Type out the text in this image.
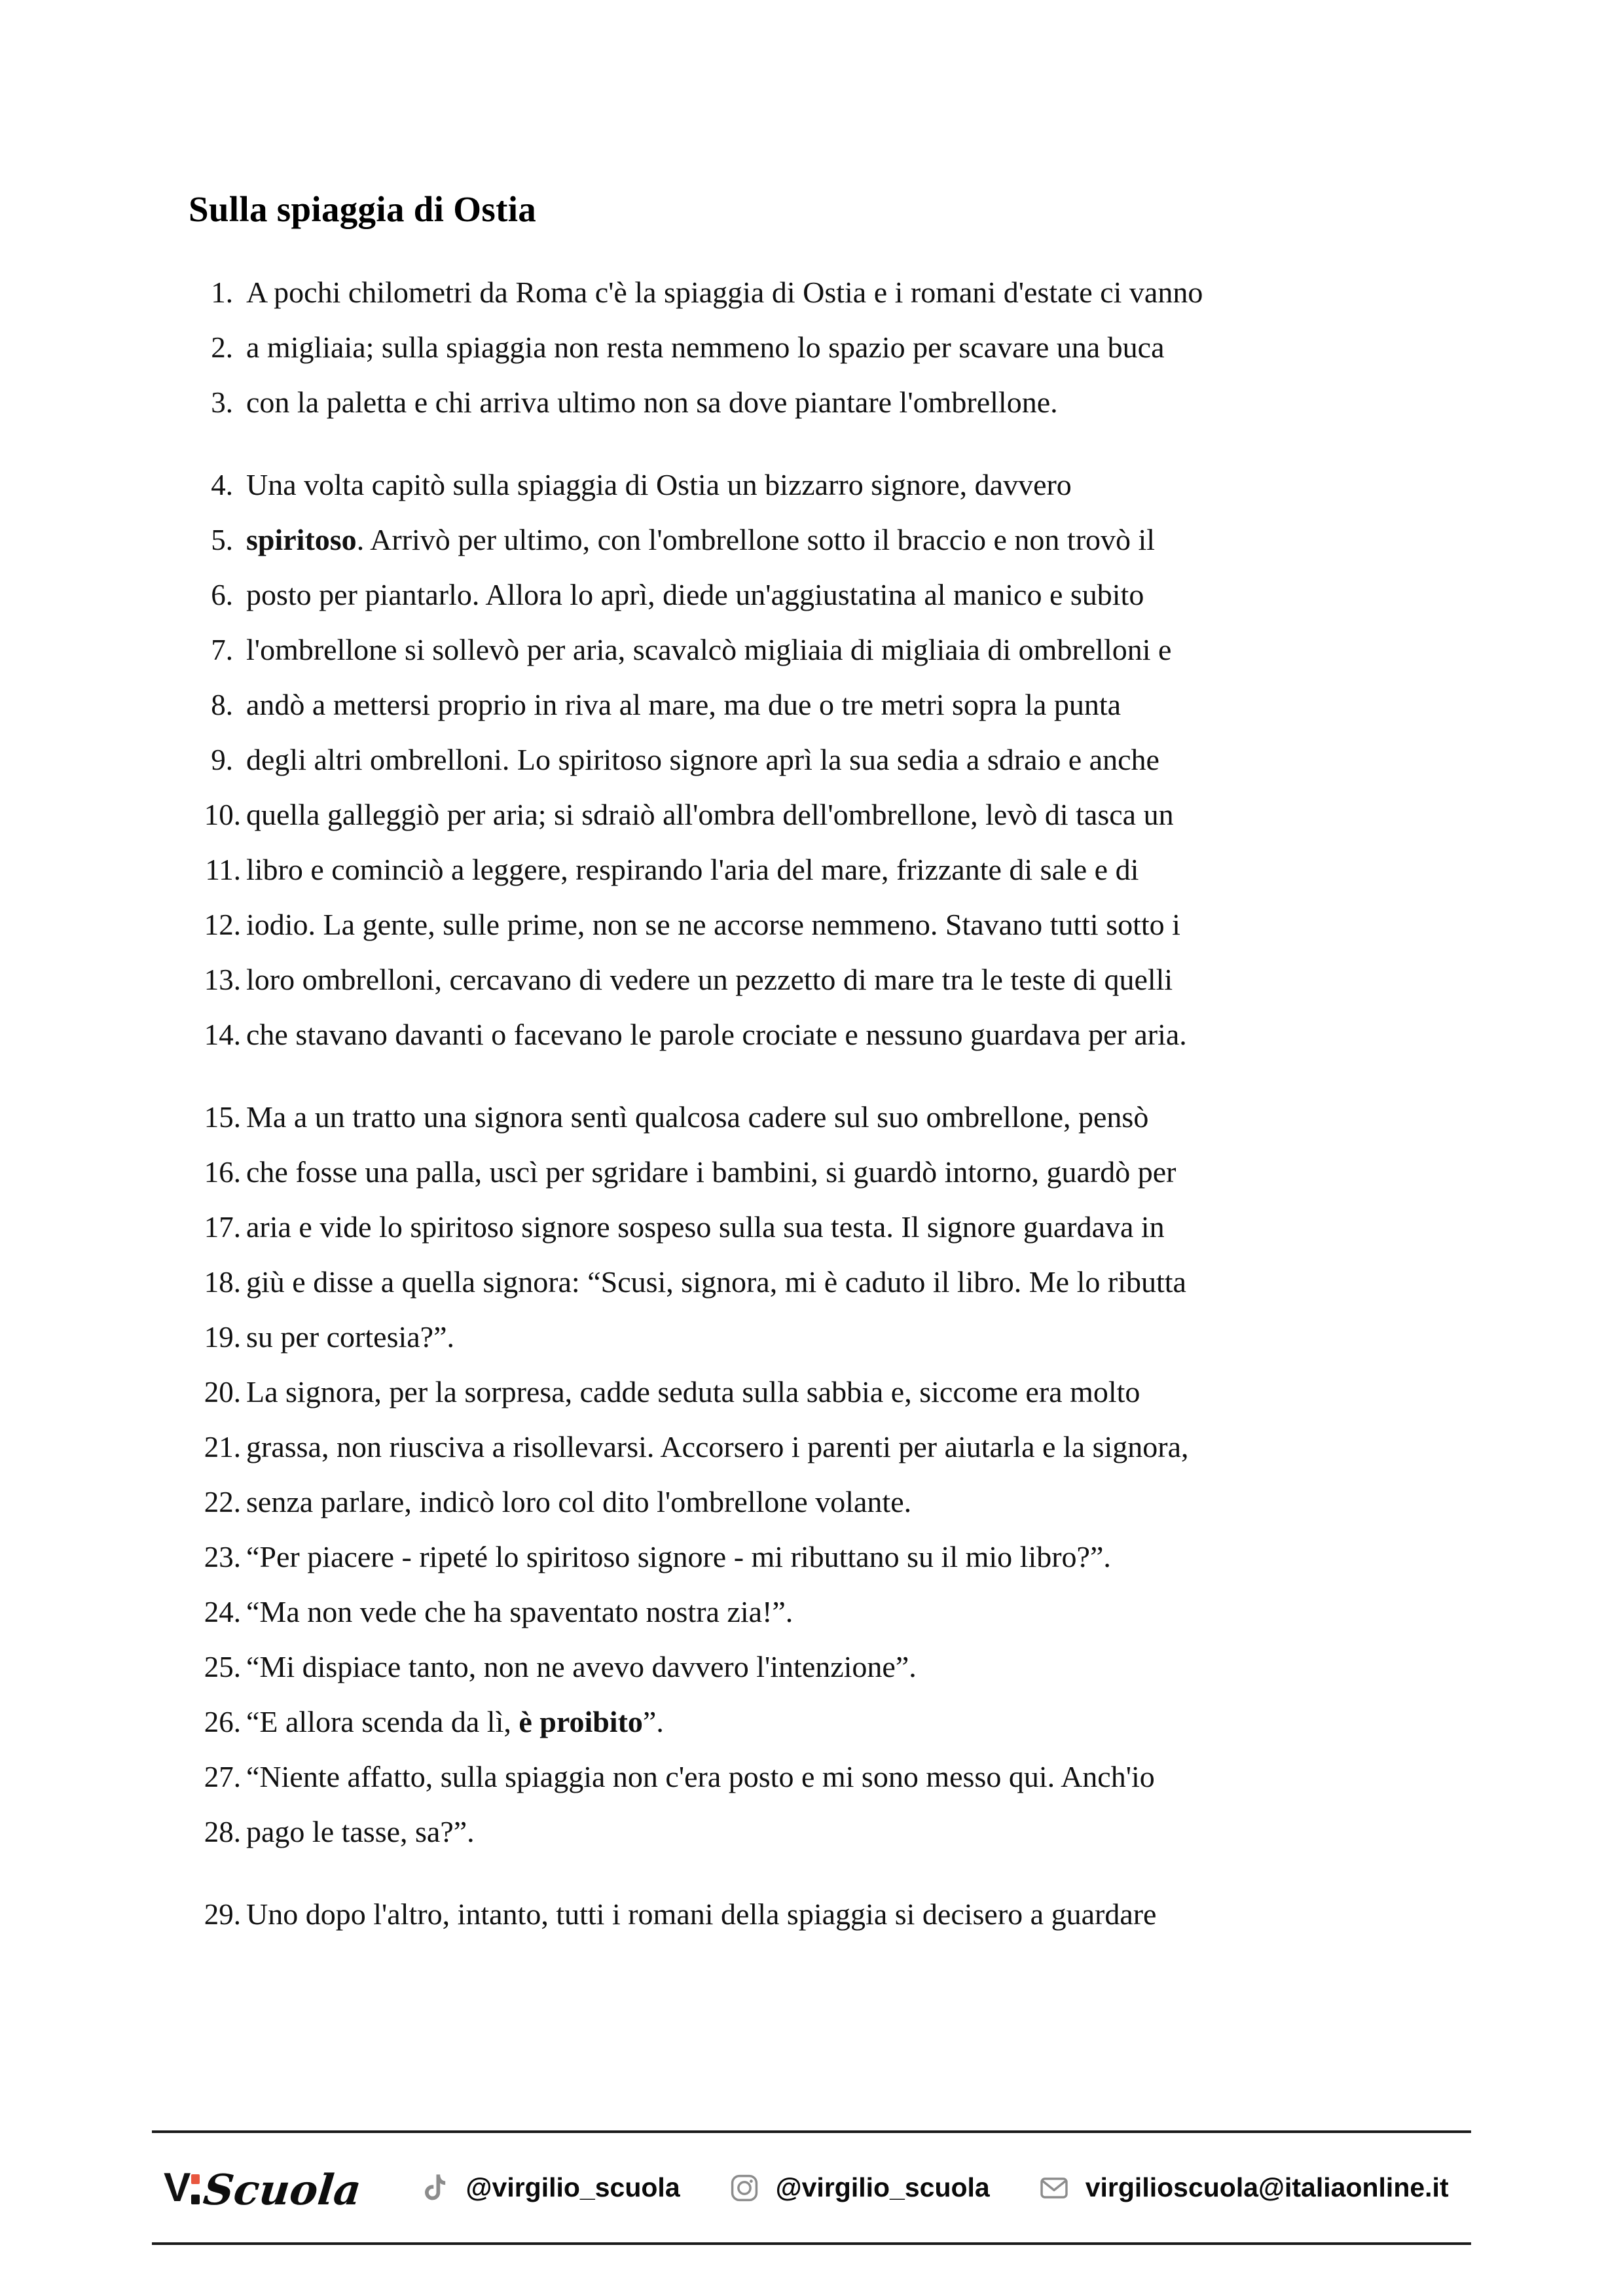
Sulla spiaggia di Ostia
1. A pochi chilometri da Roma c'è la spiaggia di Ostia e i romani d'estate ci vanno
2. a migliaia; sulla spiaggia non resta nemmeno lo spazio per scavare una buca
3. con la paletta e chi arriva ultimo non sa dove piantare l'ombrellone.
4. Una volta capitò sulla spiaggia di Ostia un bizzarro signore, davvero
5. spiritoso. Arrivò per ultimo, con l'ombrellone sotto il braccio e non trovò il
6. posto per piantarlo. Allora lo aprì, diede un'aggiustatina al manico e subito
7. l'ombrellone si sollevò per aria, scavalcò migliaia di migliaia di ombrelloni e
8. andò a mettersi proprio in riva al mare, ma due o tre metri sopra la punta
9. degli altri ombrelloni. Lo spiritoso signore aprì la sua sedia a sdraio e anche
10. quella galleggiò per aria; si sdraiò all'ombra dell'ombrellone, levò di tasca un
11. libro e cominciò a leggere, respirando l'aria del mare, frizzante di sale e di
12. iodio. La gente, sulle prime, non se ne accorse nemmeno. Stavano tutti sotto i
13. loro ombrelloni, cercavano di vedere un pezzetto di mare tra le teste di quelli
14. che stavano davanti o facevano le parole crociate e nessuno guardava per aria.
15. Ma a un tratto una signora sentì qualcosa cadere sul suo ombrellone, pensò
16. che fosse una palla, uscì per sgridare i bambini, si guardò intorno, guardò per
17. aria e vide lo spiritoso signore sospeso sulla sua testa. Il signore guardava in
18. giù e disse a quella signora: “Scusi, signora, mi è caduto il libro. Me lo ributta
19. su per cortesia?”.
20. La signora, per la sorpresa, cadde seduta sulla sabbia e, siccome era molto
21. grassa, non riusciva a risollevarsi. Accorsero i parenti per aiutarla e la signora,
22. senza parlare, indicò loro col dito l'ombrellone volante.
23. “Per piacere - ripeté lo spiritoso signore - mi ributtano su il mio libro?”.
24. “Ma non vede che ha spaventato nostra zia!”.
25. “Mi dispiace tanto, non ne avevo davvero l'intenzione”.
26. “E allora scenda da lì, è proibito”.
27. “Niente affatto, sulla spiaggia non c'era posto e mi sono messo qui. Anch'io
28. pago le tasse, sa?”.
29. Uno dopo l'altro, intanto, tutti i romani della spiaggia si decisero a guardare
V Scuola	@virgilio_scuola	@virgilio_scuola	virgilioscuola@italiaonline.it
